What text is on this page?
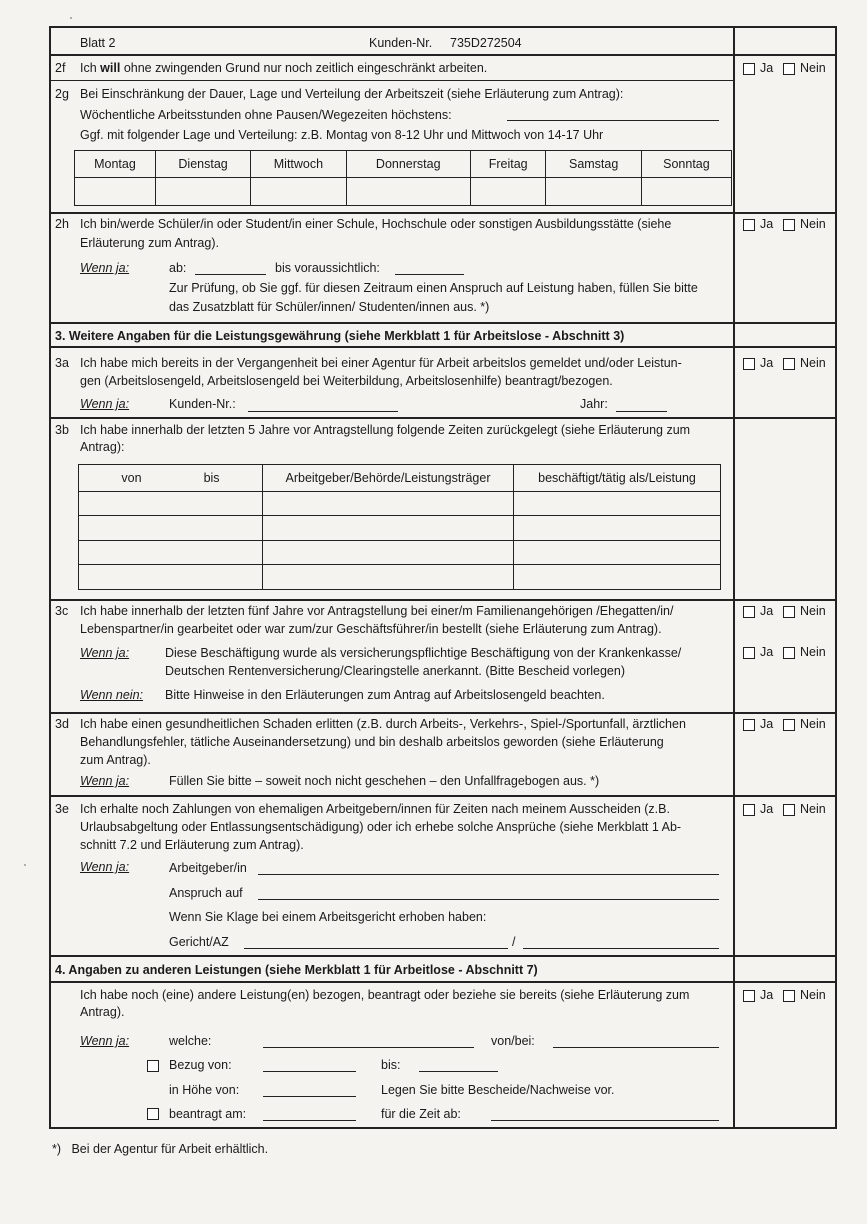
Blatt 2	Kunden-Nr. 735D272504
2f Ich will ohne zwingenden Grund nur noch zeitlich eingeschränkt arbeiten.	Ja Nein
2g Bei Einschränkung der Dauer, Lage und Verteilung der Arbeitszeit (siehe Erläuterung zum Antrag):
Wöchentliche Arbeitsstunden ohne Pausen/Wegezeiten höchstens:
Ggf. mit folgender Lage und Verteilung: z.B. Montag von 8-12 Uhr und Mittwoch von 14-17 Uhr
Montag	Dienstag	Mittwoch	Donnerstag	Freitag	Samstag	Sonntag

2h Ich bin/werde Schüler/in oder Student/in einer Schule, Hochschule oder sonstigen Ausbildungsstätte (siehe
Erläuterung zum Antrag).
Ja Nein
Wenn ja:	ab:	bis voraussichtlich:
Zur Prüfung, ob Sie ggf. für diesen Zeitraum einen Anspruch auf Leistung haben, füllen Sie bitte
das Zusatzblatt für Schüler/innen/ Studenten/innen aus. *)
3. Weitere Angaben für die Leistungsgewährung (siehe Merkblatt 1 für Arbeitslose - Abschnitt 3)
3a Ich habe mich bereits in der Vergangenheit bei einer Agentur für Arbeit arbeitslos gemeldet und/oder Leistun-
gen (Arbeitslosengeld, Arbeitslosengeld bei Weiterbildung, Arbeitslosenhilfe) beantragt/bezogen.
Ja Nein
Wenn ja:	Kunden-Nr.:	Jahr:
3b Ich habe innerhalb der letzten 5 Jahre vor Antragstellung folgende Zeiten zurückgelegt (siehe Erläuterung zum
Antrag):
von bis	Arbeitgeber/Behörde/Leistungsträger	beschäftigt/tätig als/Leistung

3c Ich habe innerhalb der letzten fünf Jahre vor Antragstellung bei einer/m Familienangehörigen /Ehegatten/in/
Lebenspartner/in gearbeitet oder war zum/zur Geschäftsführer/in bestellt (siehe Erläuterung zum Antrag).
Ja Nein
Wenn ja:	Diese Beschäftigung wurde als versicherungspflichtige Beschäftigung von der Krankenkasse/
Deutschen Rentenversicherung/Clearingstelle anerkannt. (Bitte Bescheid vorlegen)
Ja Nein
Wenn nein: Bitte Hinweise in den Erläuterungen zum Antrag auf Arbeitslosengeld beachten.
3d Ich habe einen gesundheitlichen Schaden erlitten (z.B. durch Arbeits-, Verkehrs-, Spiel-/Sportunfall, ärztlichen
Behandlungsfehler, tätliche Auseinandersetzung) und bin deshalb arbeitslos geworden (siehe Erläuterung
zum Antrag).
Ja Nein
Wenn ja:	Füllen Sie bitte – soweit noch nicht geschehen – den Unfallfragebogen aus. *)
3e Ich erhalte noch Zahlungen von ehemaligen Arbeitgebern/innen für Zeiten nach meinem Ausscheiden (z.B.
Urlaubsabgeltung oder Entlassungsentschädigung) oder ich erhebe solche Ansprüche (siehe Merkblatt 1 Ab-
schnitt 7.2 und Erläuterung zum Antrag).
Ja Nein
Wenn ja:	Arbeitgeber/in
Anspruch auf
Wenn Sie Klage bei einem Arbeitsgericht erhoben haben:
Gericht/AZ	/
4. Angaben zu anderen Leistungen (siehe Merkblatt 1 für Arbeitlose - Abschnitt 7)
Ich habe noch (eine) andere Leistung(en) bezogen, beantragt oder beziehe sie bereits (siehe Erläuterung zum
Antrag).
Ja Nein
Wenn ja:	welche:	von/bei:
Bezug von:	bis:
in Höhe von:	Legen Sie bitte Bescheide/Nachweise vor.
beantragt am:	für die Zeit ab:
*) Bei der Agentur für Arbeit erhältlich.
